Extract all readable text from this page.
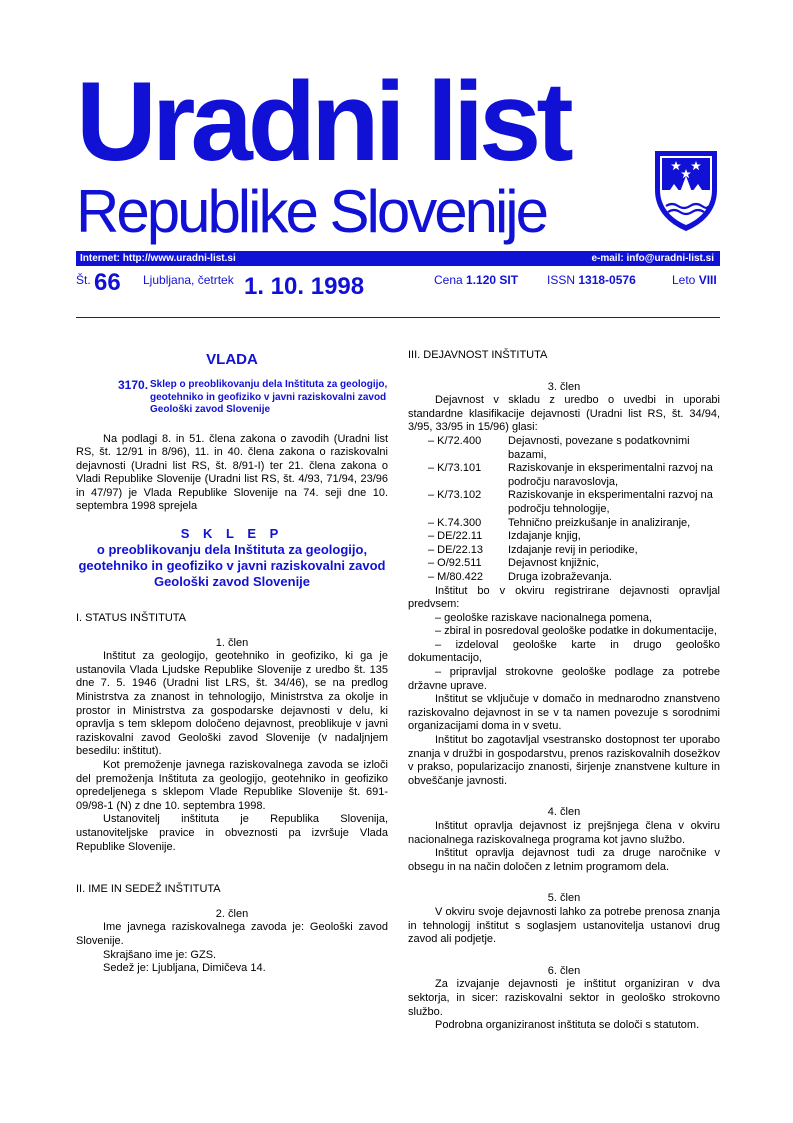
Uradni list
Republike Slovenije
Internet: http://www.uradni-list.si	e-mail: info@uradni-list.si
Št. 66 Ljubljana, četrtek 1. 10. 1998	Cena 1.120 SIT ISSN 1318-0576	Leto VIII
VLADA
3170. Sklep o preoblikovanju dela Inštituta za geologijo, geotehniko in geofiziko v javni raziskovalni zavod Geološki zavod Slovenije

Na podlagi 8. in 51. člena zakona o zavodih (Uradni list RS, št. 12/91 in 8/96), 11. in 40. člena zakona o raziskovalni dejavnosti (Uradni list RS, št. 8/91-I) ter 21. člena zakona o Vladi Republike Slovenije (Uradni list RS, št. 4/93, 71/94, 23/96 in 47/97) je Vlada Republike Slovenije na 74. seji dne 10. septembra 1998 sprejela

S K L E P
o preoblikovanju dela Inštituta za geologijo, geotehniko in geofiziko v javni raziskovalni zavod Geološki zavod Slovenije

I. STATUS INŠTITUTA

1. člen

Inštitut za geologijo, geotehniko in geofiziko, ki ga je ustanovila Vlada Ljudske Republike Slovenije z uredbo št. 135 dne 7. 5. 1946 (Uradni list LRS, št. 34/46), se na predlog Ministrstva za znanost in tehnologijo, Ministrstva za okolje in prostor in Ministrstva za gospodarske dejavnosti v delu, ki opravlja s tem sklepom določeno dejavnost, preoblikuje v javni raziskovalni zavod Geološki zavod Slovenije (v nadaljnjem besedilu: inštitut).

Kot premoženje javnega raziskovalnega zavoda se izloči del premoženja Inštituta za geologijo, geotehniko in geofiziko opredeljenega s sklepom Vlade Republike Slovenije št. 691-09/98-1 (N) z dne 10. septembra 1998.

Ustanovitelj inštituta je Republika Slovenija, ustanoviteljske pravice in obveznosti pa izvršuje Vlada Republike Slovenije.

II. IME IN SEDEŽ INŠTITUTA

2. člen

Ime javnega raziskovalnega zavoda je: Geološki zavod Slovenije.

Skrajšano ime je: GZS.

Sedež je: Ljubljana, Dimičeva 14.

III. DEJAVNOST INŠTITUTA

3. člen

Dejavnost v skladu z uredbo o uvedbi in uporabi standardne klasifikacije dejavnosti (Uradni list RS, št. 34/94, 3/95, 33/95 in 15/96) glasi:

– K/72.400	Dejavnosti, povezane s podatkovnimi bazami,
– K/73.101	Raziskovanje in eksperimentalni razvoj na področju naravoslovja,
– K/73.102	Raziskovanje in eksperimentalni razvoj na področju tehnologije,
– K.74.300	Tehnično preizkušanje in analiziranje,
– DE/22.11	Izdajanje knjig,
– DE/22.13	Izdajanje revij in periodike,
– O/92.511	Dejavnost knjižnic,
– M/80.422	Druga izobraževanja.

Inštitut bo v okviru registrirane dejavnosti opravljal predvsem:

– geološke raziskave nacionalnega pomena,

– zbiral in posredoval geološke podatke in dokumentacije,

– izdeloval geološke karte in drugo geološko dokumentacijo,

– pripravljal strokovne geološke podlage za potrebe državne uprave.

Inštitut se vključuje v domačo in mednarodno znanstveno raziskovalno dejavnost in se v ta namen povezuje s sorodnimi organizacijami doma in v svetu.

Inštitut bo zagotavljal vsestransko dostopnost ter uporabo znanja v družbi in gospodarstvu, prenos raziskovalnih dosežkov v prakso, popularizacijo znanosti, širjenje znanstvene kulture in obveščanje javnosti.

4. člen

Inštitut opravlja dejavnost iz prejšnjega člena v okviru nacionalnega raziskovalnega programa kot javno službo.

Inštitut opravlja dejavnost tudi za druge naročnike v obsegu in na način določen z letnim programom dela.

5. člen

V okviru svoje dejavnosti lahko za potrebe prenosa znanja in tehnologij inštitut s soglasjem ustanovitelja ustanovi drug zavod ali podjetje.

6. člen

Za izvajanje dejavnosti je inštitut organiziran v dva sektorja, in sicer: raziskovalni sektor in geološko strokovno službo.

Podrobna organiziranost inštituta se določi s statutom.
